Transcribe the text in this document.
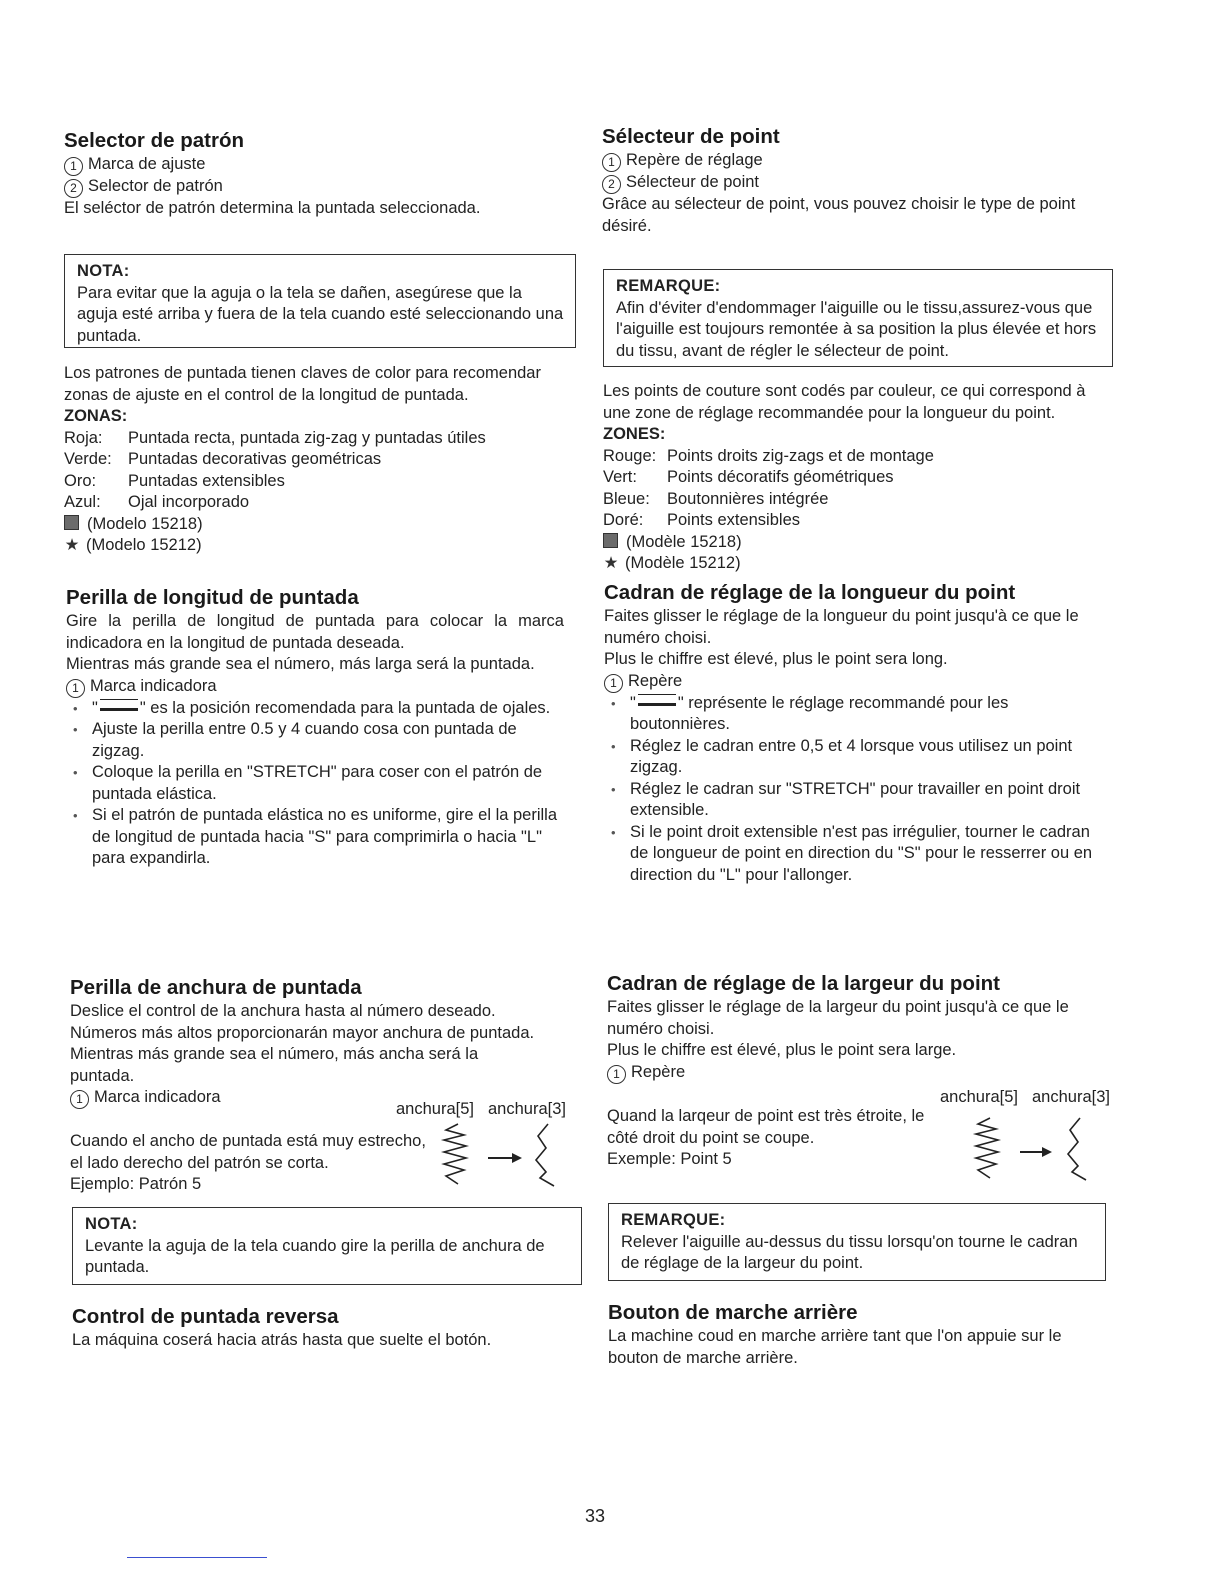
Selector de patrón
1 Marca de ajuste
2 Selector de patrón

El seléctor de patrón determina la puntada seleccionada.

NOTA:

Para evitar que la aguja o la tela se dañen, asegúrese que la aguja esté arriba y fuera de la tela cuando esté seleccionando una puntada.

Los patrones de puntada tienen claves de color para recomendar zonas de ajuste en el control de la longitud de puntada.

ZONAS:
Roja:	Puntada recta, puntada zig-zag y puntadas útiles
Verde: Puntadas decorativas geométricas
Oro:	Puntadas extensibles
Azul:	Ojal incorporado
(Modelo 15218)
★ (Modelo 15212)
Perilla de longitud de puntada

Gire la perilla de longitud de puntada para colocar la marca indicadora en la longitud de puntada deseada.

Mientras más grande sea el número, más larga será la puntada.

1 Marca indicadora
• "	" es la posición recomendada para la puntada de ojales.
• Ajuste la perilla entre 0.5 y 4 cuando cosa con puntada de zigzag.
• Coloque la perilla en "STRETCH" para coser con el patrón de puntada elástica.
• Si el patrón de puntada elástica no es uniforme, gire el la perilla de longitud de puntada hacia "S" para comprimirla o hacia "L" para expandirla.
Perilla de anchura de puntada

Deslice el control de la anchura hasta al número deseado.

Números más altos proporcionarán mayor anchura de puntada.

Mientras más grande sea el número, más ancha será la puntada.

1 Marca indicadora
anchura[5] anchura[3]

Cuando el ancho de puntada está muy estrecho, el lado derecho del patrón se corta.

Ejemplo: Patrón 5

NOTA:

Levante la aguja de la tela cuando gire la perilla de anchura de puntada.

Control de puntada reversa

La máquina coserá hacia atrás hasta que suelte el botón.

Sélecteur de point
1 Repère de réglage
2 Sélecteur de point

Grâce au sélecteur de point, vous pouvez choisir le type de point désiré.

REMARQUE:

Afin d'éviter d'endommager l'aiguille ou le tissu,assurez-vous que l'aiguille est toujours remontée à sa position la plus élevée et hors du tissu, avant de régler le sélecteur de point.

Les points de couture sont codés par couleur, ce qui correspond à une zone de réglage recommandée pour la longueur du point.

ZONES:
Rouge: Points droits zig-zags et de montage
Vert:	Points décoratifs géométriques
Bleue:	Boutonnières intégrée
Doré:	Points extensibles
(Modèle 15218)
★ (Modèle 15212)
Cadran de réglage de la longueur du point

Faites glisser le réglage de la longueur du point jusqu'à ce que le numéro choisi.

Plus le chiffre est élevé, plus le point sera long.

1 Repère
• "	" représente le réglage recommandé pour les boutonnières.
• Réglez le cadran entre 0,5 et 4 lorsque vous utilisez un point zigzag.
• Réglez le cadran sur "STRETCH" pour travailler en point droit extensible.
• Si le point droit extensible n'est pas irrégulier, tourner le cadran de longueur de point en direction du "S" pour le resserrer ou en direction du "L" pour l'allonger.
Cadran de réglage de la largeur du point

Faites glisser le réglage de la largeur du point jusqu'à ce que le numéro choisi.

Plus le chiffre est élevé, plus le point sera large.

1 Repère
anchura[5] anchura[3]

Quand la larqeur de point est très étroite, le côté droit du point se coupe.

Exemple: Point 5

REMARQUE:

Relever l'aiguille au-dessus du tissu lorsqu'on tourne le cadran de réglage de la largeur du point.

Bouton de marche arrière

La machine coud en marche arrière tant que l'on appuie sur le bouton de marche arrière.

33
